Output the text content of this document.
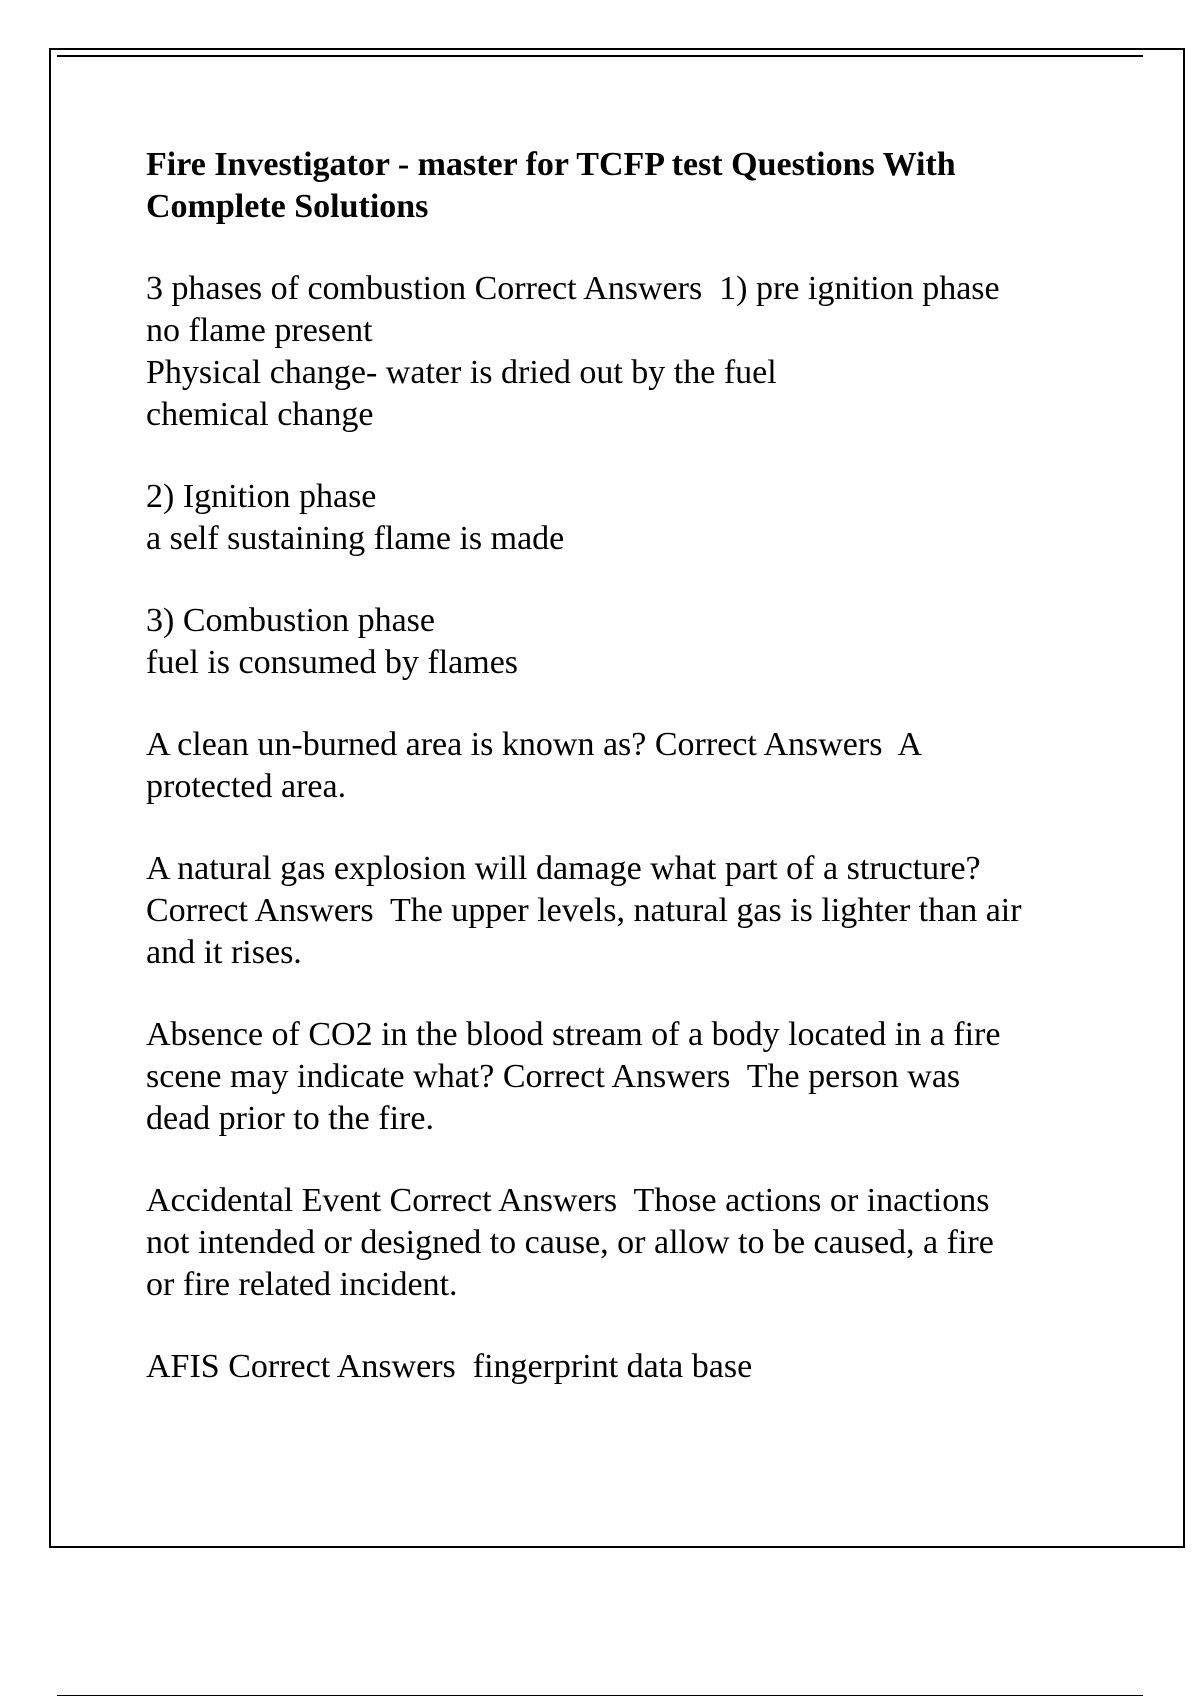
Fire Investigator - master for TCFP test Questions With
Complete Solutions
3 phases of combustion Correct Answers  1) pre ignition phase
no flame present
Physical change- water is dried out by the fuel
chemical change
2) Ignition phase
a self sustaining flame is made
3) Combustion phase
fuel is consumed by flames
A clean un-burned area is known as? Correct Answers  A
protected area.
A natural gas explosion will damage what part of a structure?
Correct Answers  The upper levels, natural gas is lighter than air
and it rises.
Absence of CO2 in the blood stream of a body located in a fire
scene may indicate what? Correct Answers  The person was
dead prior to the fire.
Accidental Event Correct Answers  Those actions or inactions
not intended or designed to cause, or allow to be caused, a fire
or fire related incident.
AFIS Correct Answers  fingerprint data base
